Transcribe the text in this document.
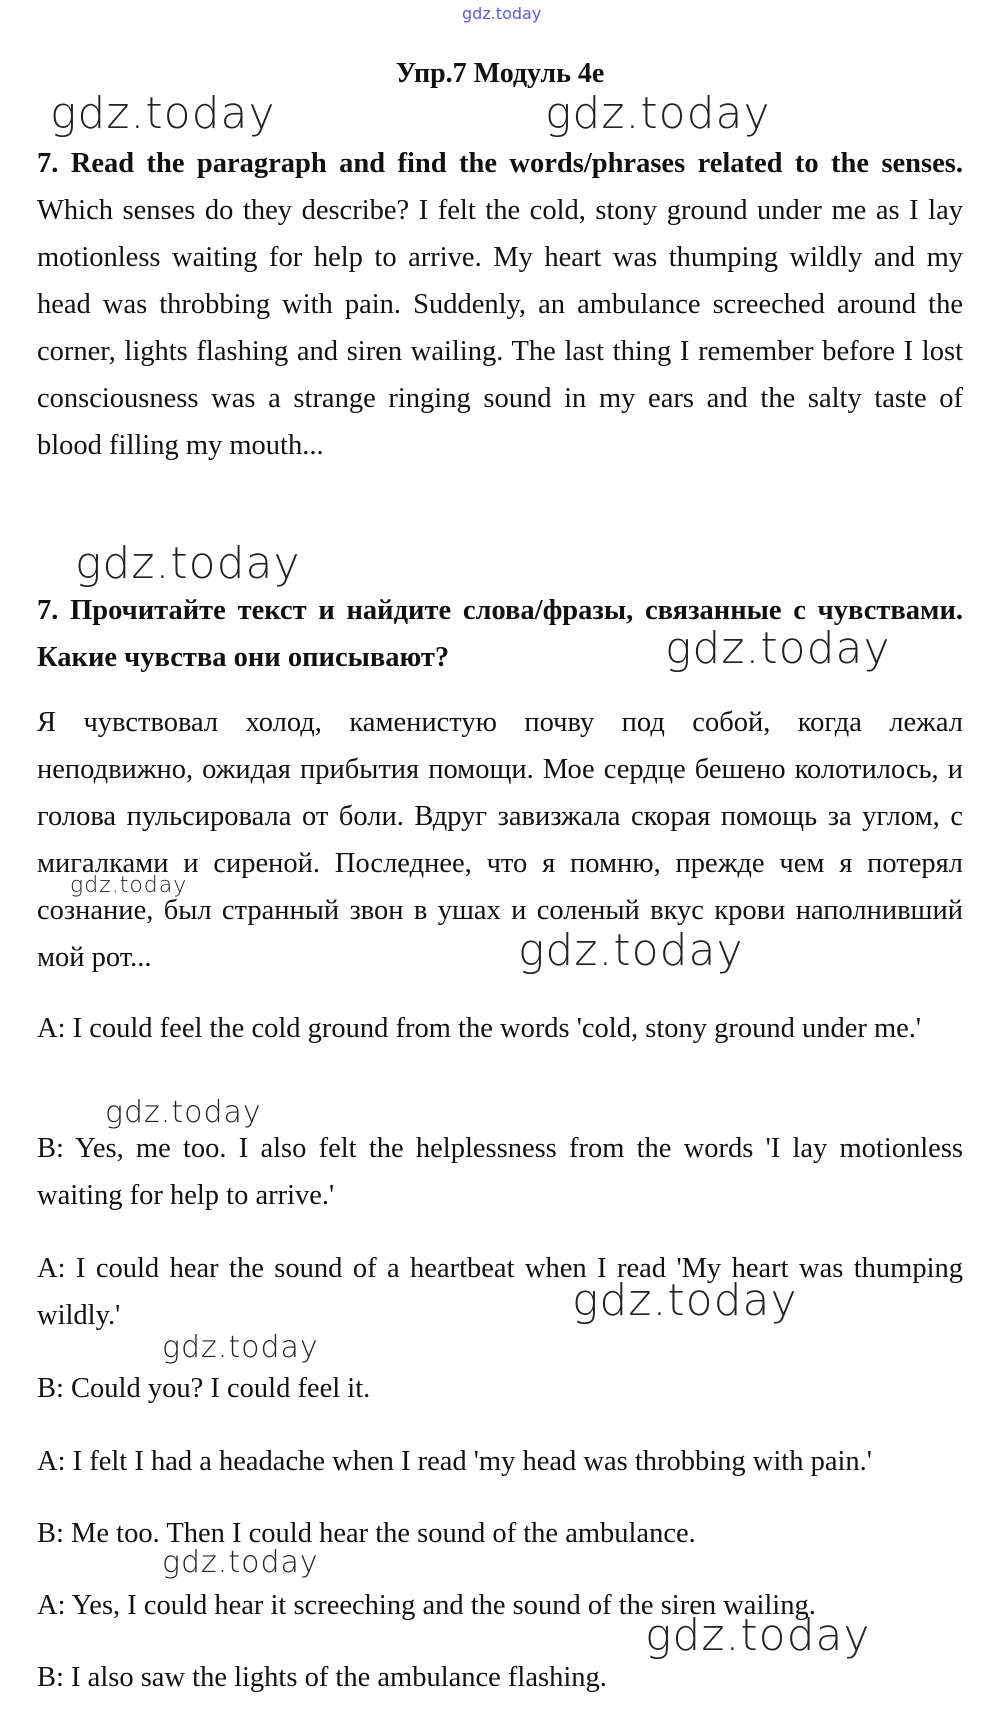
gdz.today
Упр.7 Модуль 4е

7. Read the paragraph and find the words/phrases related to the senses. Which senses do they describe? I felt the cold, stony ground under me as I lay motionless waiting for help to arrive. My heart was thumping wildly and my head was throbbing with pain. Suddenly, an ambulance screeched around the corner, lights flashing and siren wailing. The last thing I remember before I lost consciousness was a strange ringing sound in my ears and the salty taste of blood filling my mouth...

7. Прочитайте текст и найдите слова/фразы, связанные с чувствами. Какие чувства они описывают?

Я чувствовал холод, каменистую почву под собой, когда лежал неподвижно, ожидая прибытия помощи. Мое сердце бешено колотилось, и голова пульсировала от боли. Вдруг завизжала скорая помощь за углом, с мигалками и сиреной. Последнее, что я помню, прежде чем я потерял сознание, был странный звон в ушах и соленый вкус крови наполнивший мой рот...

A: I could feel the cold ground from the words 'cold, stony ground under me.'

B: Yes, me too. I also felt the helplessness from the words 'I lay motionless waiting for help to arrive.'

A: I could hear the sound of a heartbeat when I read 'My heart was thumping wildly.'

B: Could you? I could feel it.

A: I felt I had a headache when I read 'my head was throbbing with pain.'

B: Me too. Then I could hear the sound of the ambulance.

A: Yes, I could hear it screeching and the sound of the siren wailing.

B: I also saw the lights of the ambulance flashing.

gdz.today	gdz.today
gdz.today
gdz.today
gdz.today
gdz.today
gdz.today
gdz.today
gdz.today
gdz.today
gdz.today
